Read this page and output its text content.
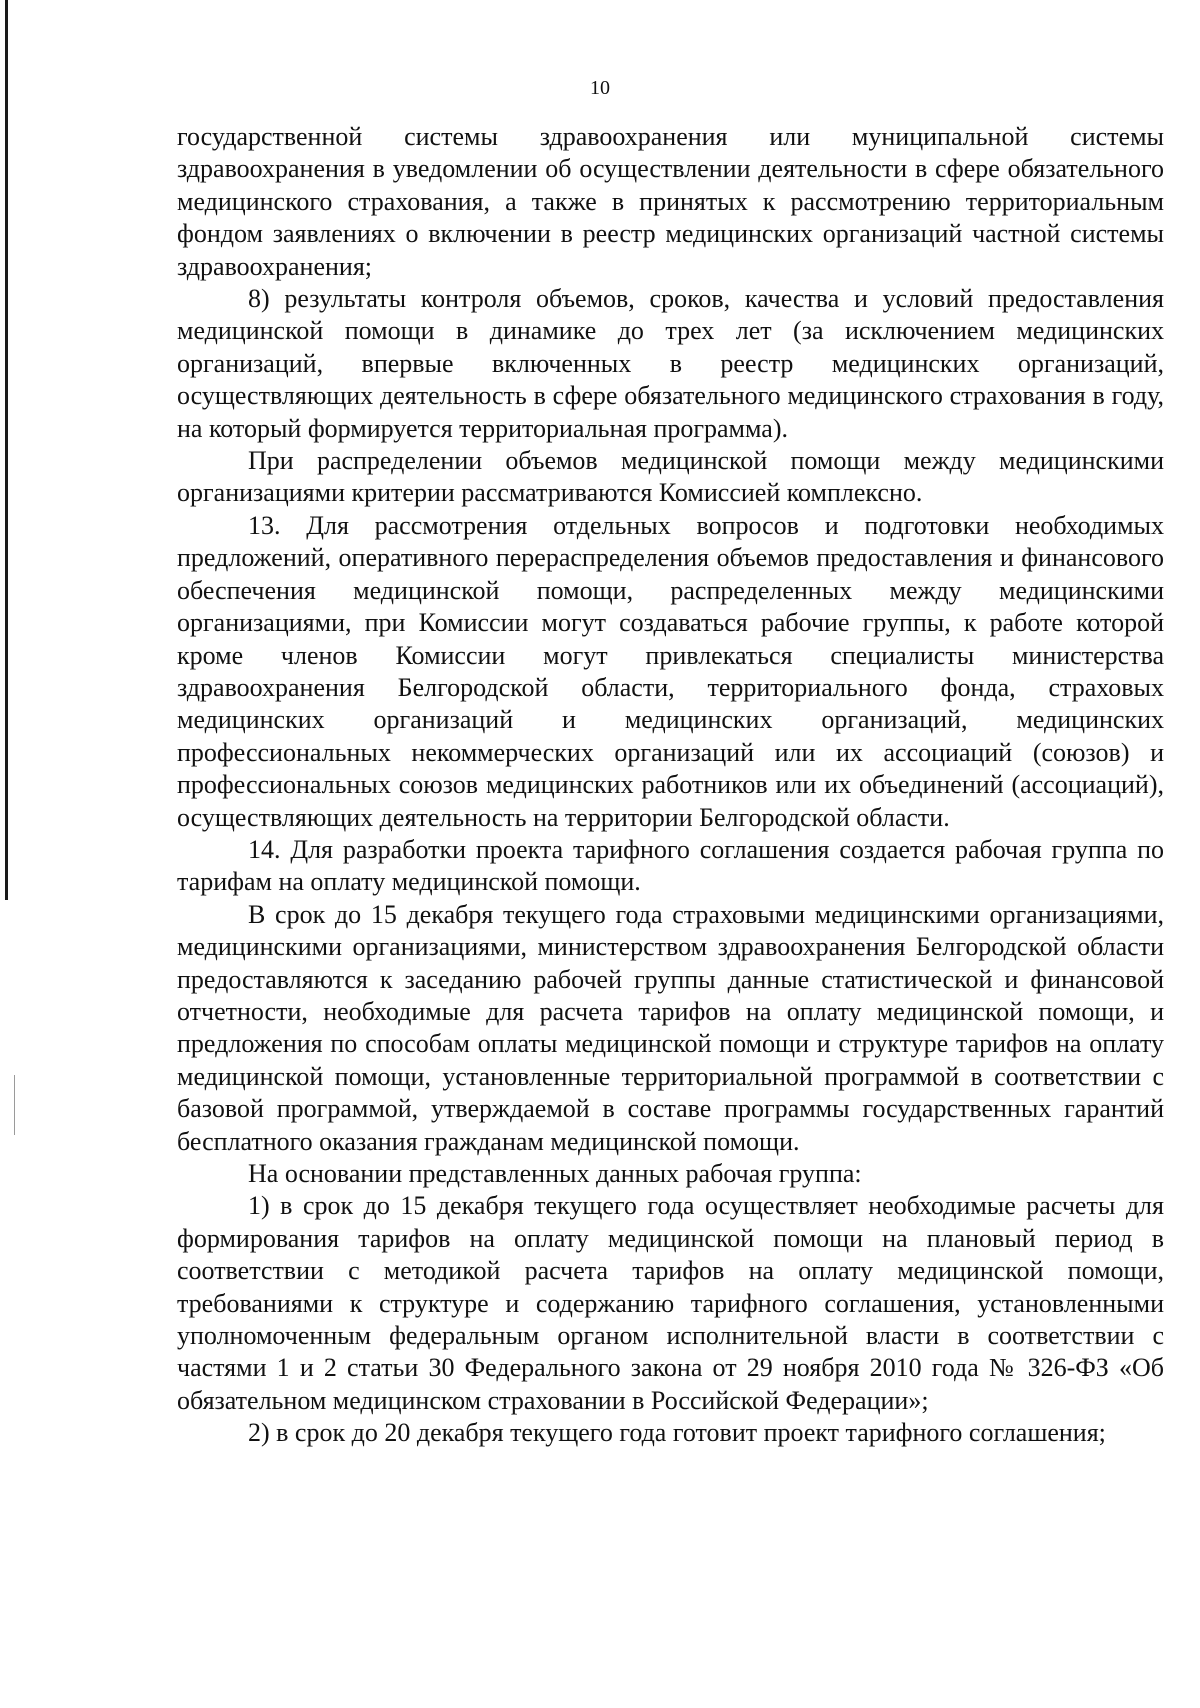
10

государственной системы здравоохранения или муниципальной системы здравоохранения в уведомлении об осуществлении деятельности в сфере обязательного медицинского страхования, а также в принятых к рассмотрению территориальным фондом заявлениях о включении в реестр медицинских организаций частной системы здравоохранения;

8) результаты контроля объемов, сроков, качества и условий предоставления медицинской помощи в динамике до трех лет (за исключением медицинских организаций, впервые включенных в реестр медицинских организаций, осуществляющих деятельность в сфере обязательного медицинского страхования в году, на который формируется территориальная программа).

При распределении объемов медицинской помощи между медицинскими организациями критерии рассматриваются Комиссией комплексно.

13. Для рассмотрения отдельных вопросов и подготовки необходимых предложений, оперативного перераспределения объемов предоставления и финансового обеспечения медицинской помощи, распределенных между медицинскими организациями, при Комиссии могут создаваться рабочие группы, к работе которой кроме членов Комиссии могут привлекаться специалисты министерства здравоохранения Белгородской области, территориального фонда, страховых медицинских организаций и медицинских организаций, медицинских профессиональных некоммерческих организаций или их ассоциаций (союзов) и профессиональных союзов медицинских работников или их объединений (ассоциаций), осуществляющих деятельность на территории Белгородской области.

14. Для разработки проекта тарифного соглашения создается рабочая группа по тарифам на оплату медицинской помощи.

В срок до 15 декабря текущего года страховыми медицинскими организациями, медицинскими организациями, министерством здравоохранения Белгородской области предоставляются к заседанию рабочей группы данные статистической и финансовой отчетности, необходимые для расчета тарифов на оплату медицинской помощи, и предложения по способам оплаты медицинской помощи и структуре тарифов на оплату медицинской помощи, установленные территориальной программой в соответствии с базовой программой, утверждаемой в составе программы государственных гарантий бесплатного оказания гражданам медицинской помощи.

На основании представленных данных рабочая группа:

1) в срок до 15 декабря текущего года осуществляет необходимые расчеты для формирования тарифов на оплату медицинской помощи на плановый период в соответствии с методикой расчета тарифов на оплату медицинской помощи, требованиями к структуре и содержанию тарифного соглашения, установленными уполномоченным федеральным органом исполнительной власти в соответствии с частями 1 и 2 статьи 30 Федерального закона от 29 ноября 2010 года № 326-ФЗ «Об обязательном медицинском страховании в Российской Федерации»;

2) в срок до 20 декабря текущего года готовит проект тарифного соглашения;
